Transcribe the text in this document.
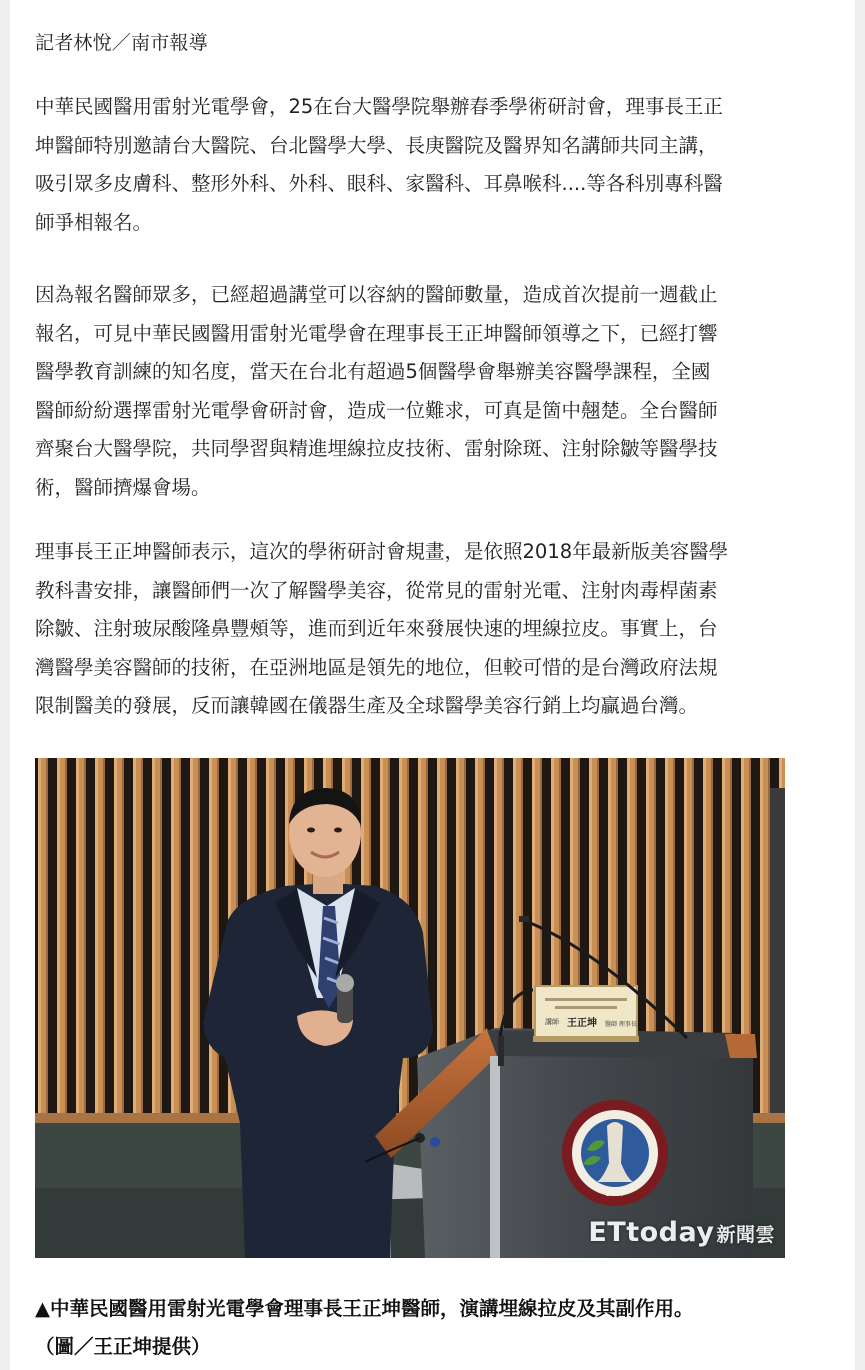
記者林悅／南市報導
中華民國醫用雷射光電學會，25在台大醫學院舉辦春季學術研討會，理事長王正
坤醫師特別邀請台大醫院、台北醫學大學、長庚醫院及醫界知名講師共同主講，
吸引眾多皮膚科、整形外科、外科、眼科、家醫科、耳鼻喉科....等各科別專科醫
師爭相報名。
因為報名醫師眾多，已經超過講堂可以容納的醫師數量，造成首次提前一週截止
報名，可見中華民國醫用雷射光電學會在理事長王正坤醫師領導之下，已經打響
醫學教育訓練的知名度，當天在台北有超過5個醫學會舉辦美容醫學課程，全國
醫師紛紛選擇雷射光電學會研討會，造成一位難求，可真是箇中翹楚。全台醫師
齊聚台大醫學院，共同學習與精進埋線拉皮技術、雷射除斑、注射除皺等醫學技
術，醫師擠爆會場。
理事長王正坤醫師表示，這次的學術研討會規畫，是依照2018年最新版美容醫學
教科書安排，讓醫師們一次了解醫學美容，從常見的雷射光電、注射肉毒桿菌素
除皺、注射玻尿酸隆鼻豐頰等，進而到近年來發展快速的埋線拉皮。事實上，台
灣醫學美容醫師的技術，在亞洲地區是領先的地位，但較可惜的是台灣政府法規
限制醫美的發展，反而讓韓國在儀器生產及全球醫學美容行銷上均贏過台灣。
1897
講師 王正坤 醫師 理事長
ETtoday 新聞雲
▲中華民國醫用雷射光電學會理事長王正坤醫師，演講埋線拉皮及其副作用。
（圖／王正坤提供）
